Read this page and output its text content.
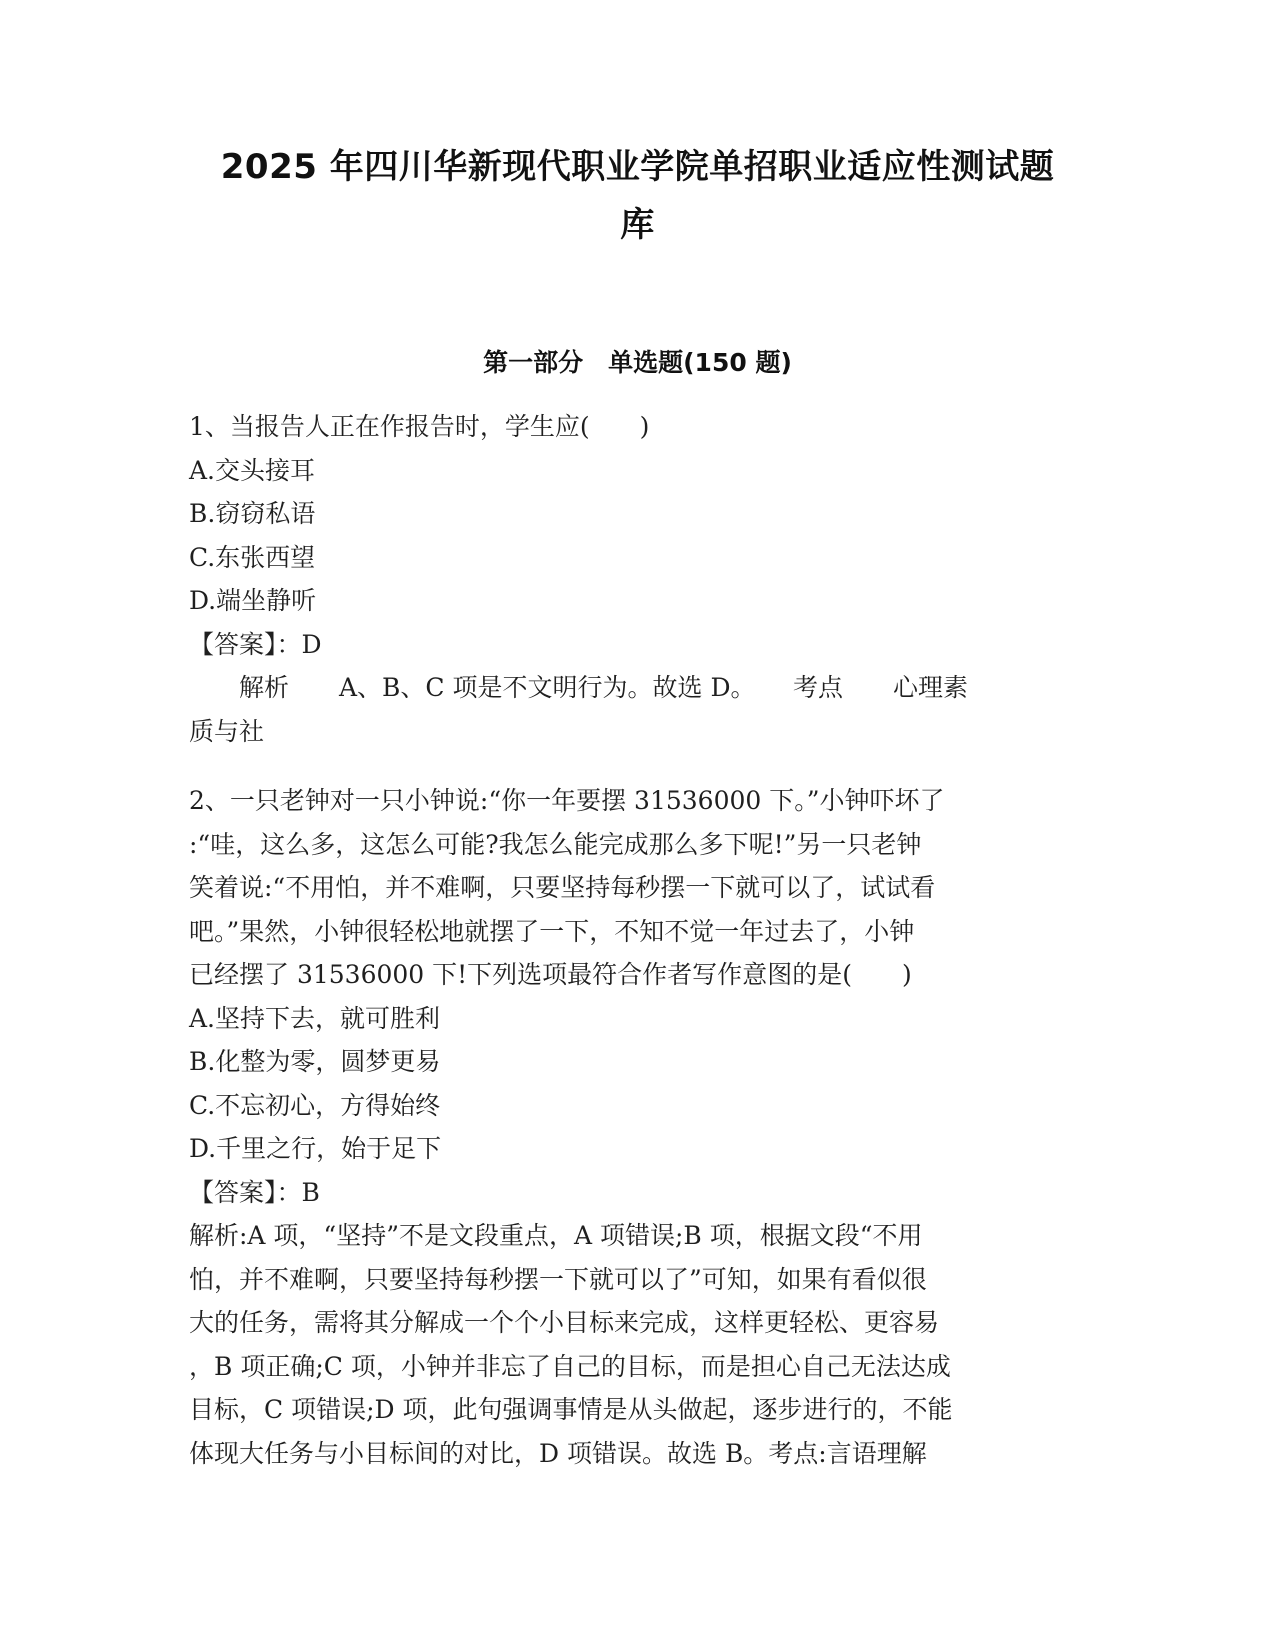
2025 年四川华新现代职业学院单招职业适应性测试题
库
第一部分　单选题(150 题)
1、当报告人正在作报告时，学生应(　　)
A.交头接耳
B.窃窃私语
C.东张西望
D.端坐静听
【答案】：D
　　解析　　A、B、C 项是不文明行为。故选 D。　　考点　　心理素
质与社
2、一只老钟对一只小钟说:“你一年要摆 31536000 下。”小钟吓坏了
:“哇，这么多，这怎么可能?我怎么能完成那么多下呢!”另一只老钟
笑着说:“不用怕，并不难啊，只要坚持每秒摆一下就可以了，试试看
吧。”果然，小钟很轻松地就摆了一下，不知不觉一年过去了，小钟
已经摆了 31536000 下!下列选项最符合作者写作意图的是(　　)
A.坚持下去，就可胜利
B.化整为零，圆梦更易
C.不忘初心，方得始终
D.千里之行，始于足下
【答案】：B
解析:A 项，“坚持”不是文段重点，A 项错误;B 项，根据文段“不用
怕，并不难啊，只要坚持每秒摆一下就可以了”可知，如果有看似很
大的任务，需将其分解成一个个小目标来完成，这样更轻松、更容易
，B 项正确;C 项，小钟并非忘了自己的目标，而是担心自己无法达成
目标，C 项错误;D 项，此句强调事情是从头做起，逐步进行的，不能
体现大任务与小目标间的对比，D 项错误。故选 B。考点:言语理解
